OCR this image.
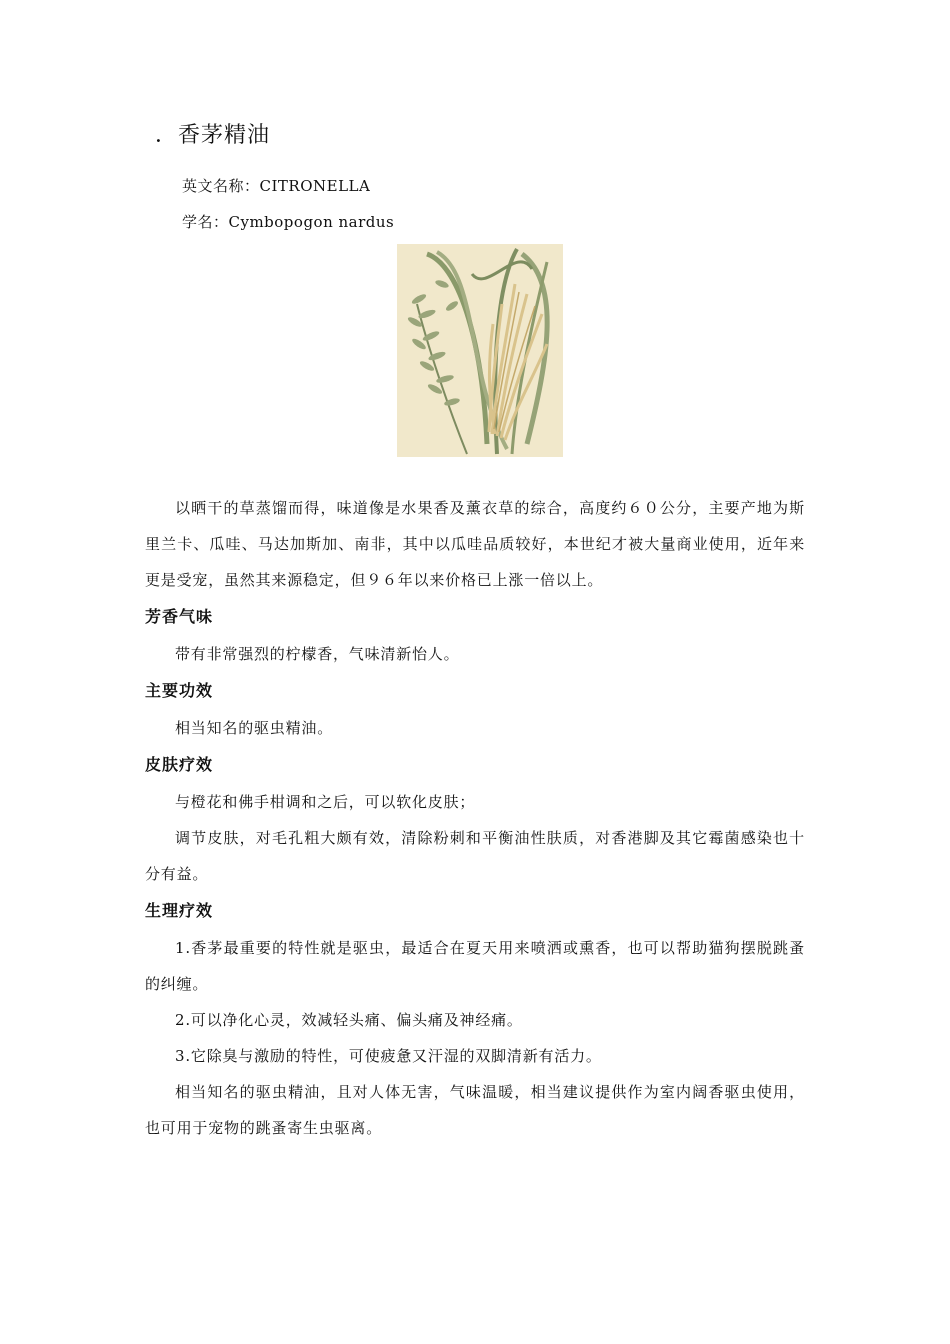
．香茅精油
英文名称：CITRONELLA
学名：Cymbopogon nardus

以晒干的草蒸馏而得，味道像是水果香及薰衣草的综合，高度约６０公分，主要产地为斯里兰卡、瓜哇、马达加斯加、南非，其中以瓜哇品质较好，本世纪才被大量商业使用，近年来更是受宠，虽然其来源稳定，但９６年以来价格已上涨一倍以上。

芳香气味

带有非常强烈的柠檬香，气味清新怡人。

主要功效

相当知名的驱虫精油。

皮肤疗效

与橙花和佛手柑调和之后，可以软化皮肤；

调节皮肤，对毛孔粗大颇有效，清除粉刺和平衡油性肤质，对香港脚及其它霉菌感染也十分有益。

生理疗效

1.香茅最重要的特性就是驱虫，最适合在夏天用来喷洒或熏香，也可以帮助猫狗摆脱跳蚤的纠缠。

2.可以净化心灵，效减轻头痛、偏头痛及神经痛。

3.它除臭与激励的特性，可使疲惫又汗湿的双脚清新有活力。

相当知名的驱虫精油，且对人体无害，气味温暖，相当建议提供作为室内阔香驱虫使用，也可用于宠物的跳蚤寄生虫驱离。
